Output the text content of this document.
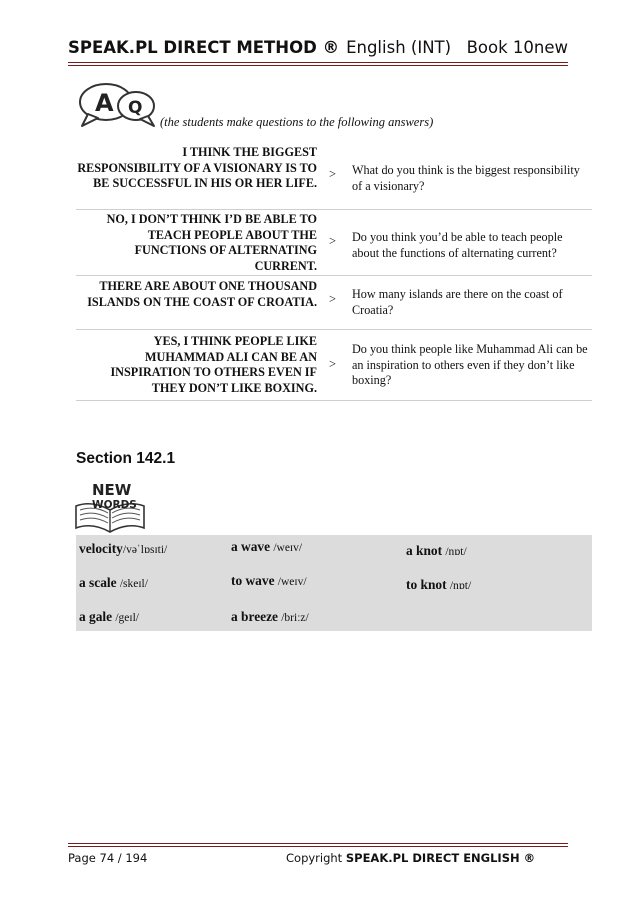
SPEAK.PL DIRECT METHOD ® English (INT) Book 10new
A Q
(the students make questions to the following answers)
I THINK THE BIGGEST RESPONSIBILITY OF A VISIONARY IS TO BE SUCCESSFUL IN HIS OR HER LIFE.
> What do you think is the biggest responsibility of a visionary?
NO, I DON’T THINK I’D BE ABLE TO TEACH PEOPLE ABOUT THE FUNCTIONS OF ALTERNATING CURRENT.
> Do you think you’d be able to teach people about the functions of alternating current?
THERE ARE ABOUT ONE THOUSAND ISLANDS ON THE COAST OF CROATIA. > How many islands are there on the coast of Croatia?
YES, I THINK PEOPLE LIKE MUHAMMAD ALI CAN BE AN INSPIRATION TO OTHERS EVEN IF THEY DON’T LIKE BOXING.
>
Do you think people like Muhammad Ali can be an inspiration to others even if they don’t like boxing?
Section 142.1
NEW
WORDS
velocity/vəˈlɒsɪti/	a wave /weɪv/	a knot /nɒt/
a scale /skeɪl/	to wave /weɪv/	to knot /nɒt/
a gale /geɪl/	a breeze /briːz/
Page 74 / 194	Copyright SPEAK.PL DIRECT ENGLISH ®
